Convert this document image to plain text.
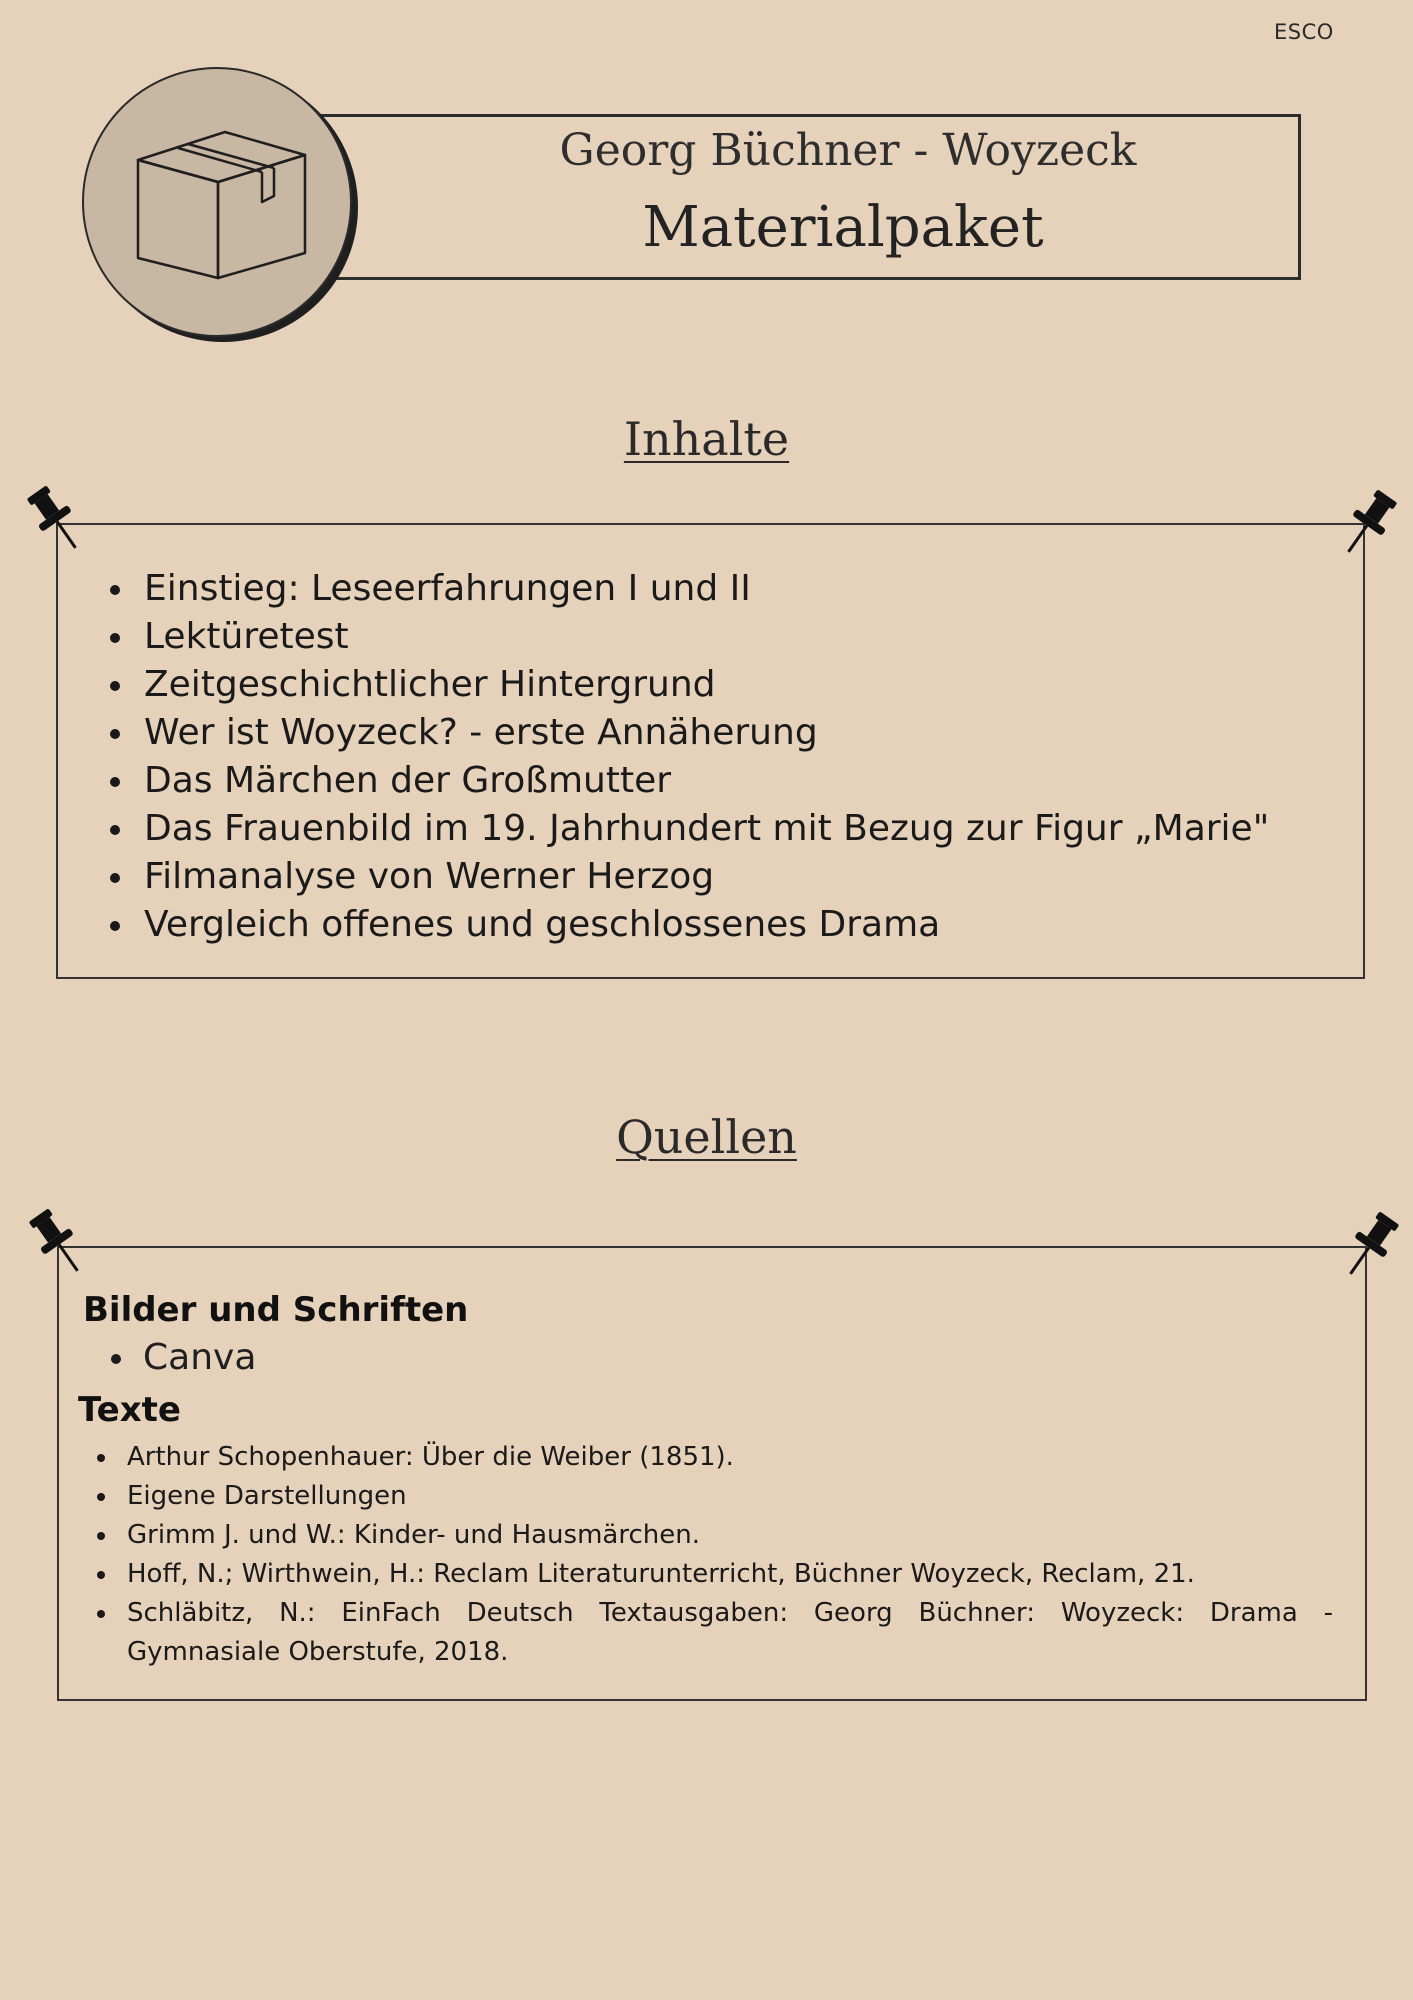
ESCO
Georg Büchner - Woyzeck
Materialpaket
Inhalte
Einstieg: Leseerfahrungen I und II
Lektüretest
Zeitgeschichtlicher Hintergrund
Wer ist Woyzeck? - erste Annäherung
Das Märchen der Großmutter
Das Frauenbild im 19. Jahrhundert mit Bezug zur Figur „Marie"
Filmanalyse von Werner Herzog
Vergleich offenes und geschlossenes Drama
Quellen
Bilder und Schriften
Canva
Texte
Arthur Schopenhauer: Über die Weiber (1851).
Eigene Darstellungen
Grimm J. und W.: Kinder- und Hausmärchen.
Hoff, N.; Wirthwein, H.: Reclam Literaturunterricht, Büchner Woyzeck, Reclam, 21.
Schläbitz, N.: EinFach Deutsch Textausgaben: Georg Büchner: Woyzeck: Drama - Gymnasiale Oberstufe, 2018.
